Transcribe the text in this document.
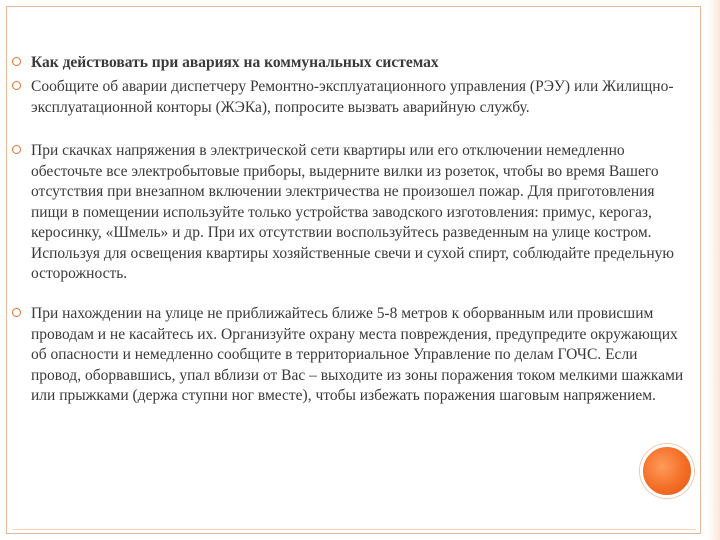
Как действовать при авариях на коммунальных системах
Сообщите об аварии диспетчеру Ремонтно-эксплуатационного управления (РЭУ) или Жилищно-эксплуатационной конторы (ЖЭКа), попросите вызвать аварийную службу.
При скачках напряжения в электрической сети квартиры или его отключении немедленно обесточьте все электробытовые приборы, выдерните вилки из розеток, чтобы во время Вашего отсутствия при внезапном включении электричества не произошел пожар. Для приготовления пищи в помещении используйте только устройства заводского изготовления: примус, керогаз, керосинку, «Шмель» и др. При их отсутствии воспользуйтесь разведенным на улице костром. Используя для освещения квартиры хозяйственные свечи и сухой спирт, соблюдайте предельную осторожность.
При нахождении на улице не приближайтесь ближе 5-8 метров к оборванным или провисшим проводам и не касайтесь их. Организуйте охрану места повреждения, предупредите окружающих об опасности и немедленно сообщите в территориальное Управление по делам ГОЧС. Если провод, оборвавшись, упал вблизи от Вас – выходите из зоны поражения током мелкими шажками или прыжками (держа ступни ног вместе), чтобы избежать поражения шаговым напряжением.
